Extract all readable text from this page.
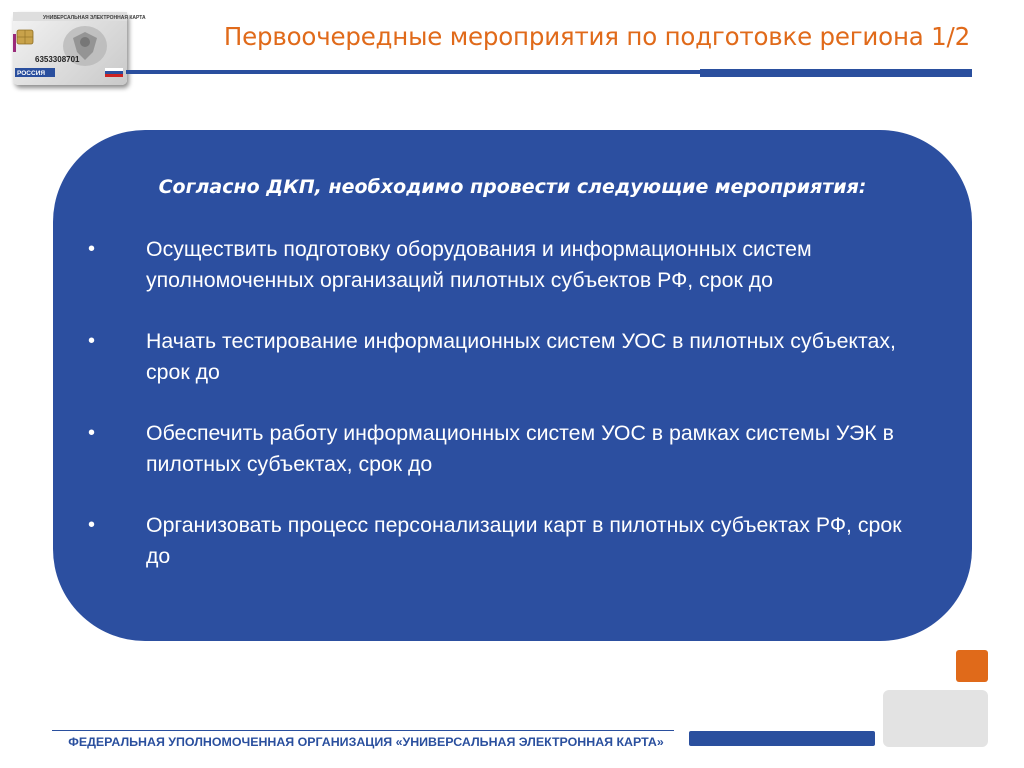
УНИВЕРСАЛЬНАЯ ЭЛЕКТРОННАЯ КАРТА
6353308701
РОССИЯ
Первоочередные мероприятия по подготовке региона 1/2
Согласно ДКП, необходимо провести следующие мероприятия:
• Осуществить подготовку оборудования и информационных систем уполномоченных организаций пилотных субъектов РФ, срок до
• Начать тестирование информационных систем УОС в пилотных субъектах, срок до
• Обеспечить работу информационных систем УОС в рамках системы УЭК в пилотных субъектах, срок до
• Организовать процесс персонализации карт в пилотных субъектах РФ, срок до
ФЕДЕРАЛЬНАЯ УПОЛНОМОЧЕННАЯ ОРГАНИЗАЦИЯ «УНИВЕРСАЛЬНАЯ ЭЛЕКТРОННАЯ КАРТА»
